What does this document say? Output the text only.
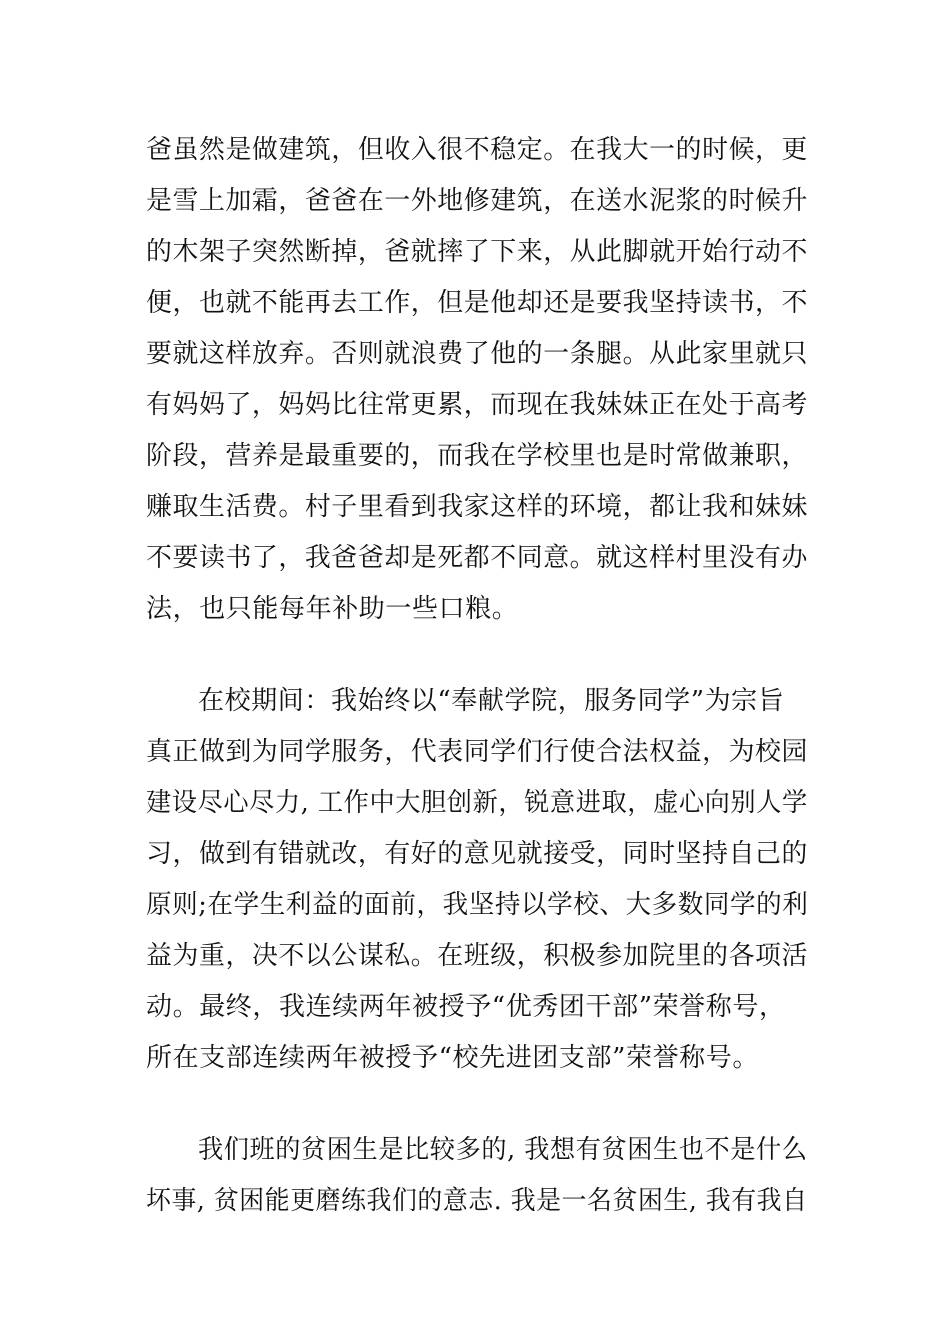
爸虽然是做建筑，但收入很不稳定。在我大一的时候，更
是雪上加霜，爸爸在一外地修建筑，在送水泥浆的时候升
的木架子突然断掉，爸就摔了下来，从此脚就开始行动不
便，也就不能再去工作，但是他却还是要我坚持读书，不
要就这样放弃。否则就浪费了他的一条腿。从此家里就只
有妈妈了，妈妈比往常更累，而现在我妹妹正在处于高考
阶段，营养是最重要的，而我在学校里也是时常做兼职，
赚取生活费。村子里看到我家这样的环境，都让我和妹妹
不要读书了，我爸爸却是死都不同意。就这样村里没有办
法，也只能每年补助一些口粮。
在校期间：我始终以“奉献学院，服务同学”为宗旨
真正做到为同学服务，代表同学们行使合法权益，为校园
建设尽心尽力, 工作中大胆创新，锐意进取，虚心向别人学
习，做到有错就改，有好的意见就接受，同时坚持自己的
原则;在学生利益的面前，我坚持以学校、大多数同学的利
益为重，决不以公谋私。在班级，积极参加院里的各项活
动。最终，我连续两年被授予“优秀团干部”荣誉称号，
所在支部连续两年被授予“校先进团支部”荣誉称号。
我们班的贫困生是比较多的, 我想有贫困生也不是什么
坏事, 贫困能更磨练我们的意志. 我是一名贫困生, 我有我自
